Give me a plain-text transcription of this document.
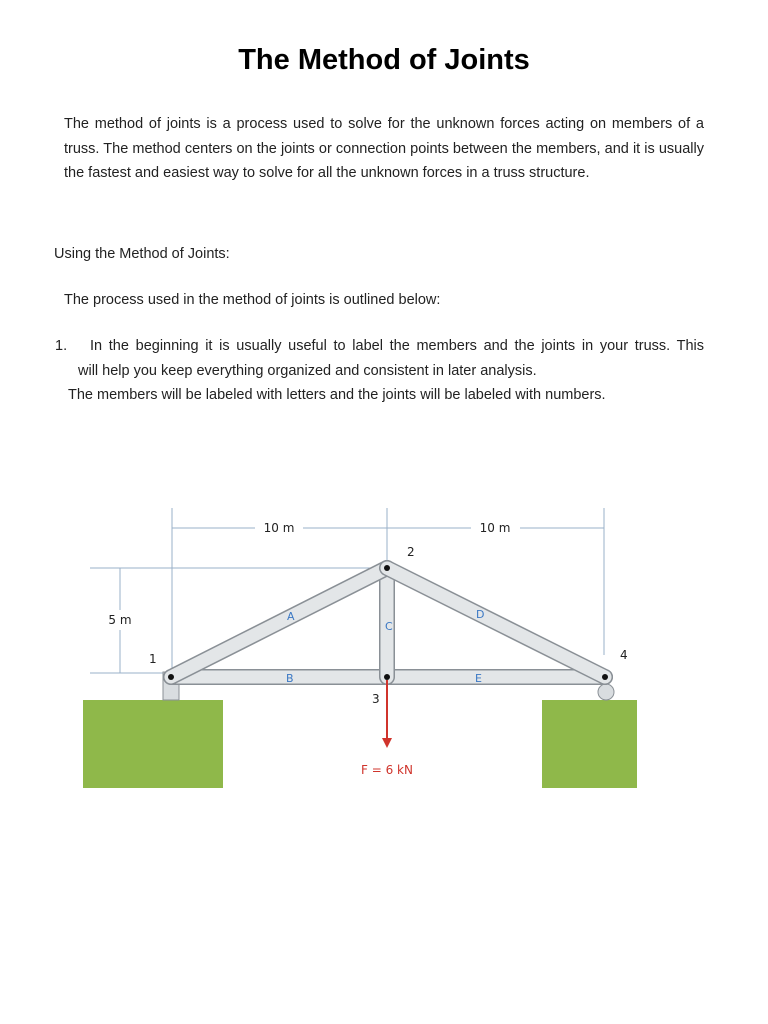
The Method of Joints
The method of joints is a process used to solve for the unknown forces acting on members of a truss. The method centers on the joints or connection points between the members, and it is usually the fastest and easiest way to solve for all the unknown forces in a truss structure.
Using the Method of Joints:
The process used in the method of joints is outlined below:
1. In the beginning it is usually useful to label the members and the joints in your truss. This
will help you keep everything organized and consistent in later analysis.
The members will be labeled with letters and the joints will be labeled with numbers.
10 m	10 m
5 m
1
2
3
4
A
B
C
D
E
F = 6 kN
